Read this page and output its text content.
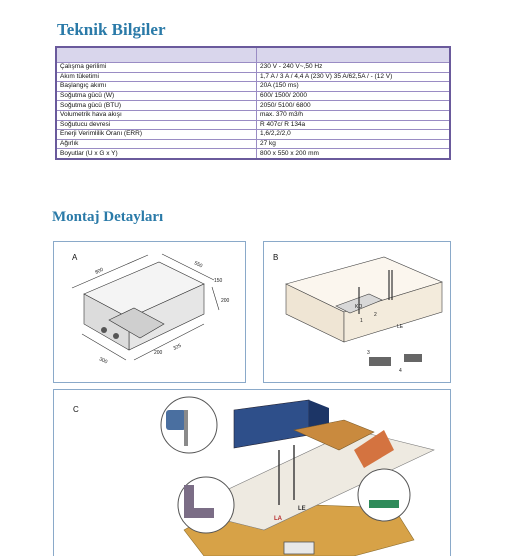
Teknik Bilgiler

Çalışma gerilimi	230 V - 240 V~,50 Hz
Akım tüketimi	1,7 A / 3 A / 4,4 A (230 V) 35 A/62,5A / - (12 V)
Başlangıç akımı	20A (150 ms)
Soğutma gücü (W)	600/ 1500/ 2000
Soğutma gücü (BTU)	2050/ 5100/ 6800
Volumetrik hava akışı	max. 370 m3/h
Soğutucu devresi	R 407c/ R 134a
Enerji Verimlilik Oranı (ERR)	1,6/2,2/2,0
Ağırlık	27 kg
Boyutlar (U x G x Y)	800 x 550 x 200 mm
Montaj Detayları
A
800
550
200
300
325
150
200
B
1
2
3
4
KO
LE
C
LA
LE
